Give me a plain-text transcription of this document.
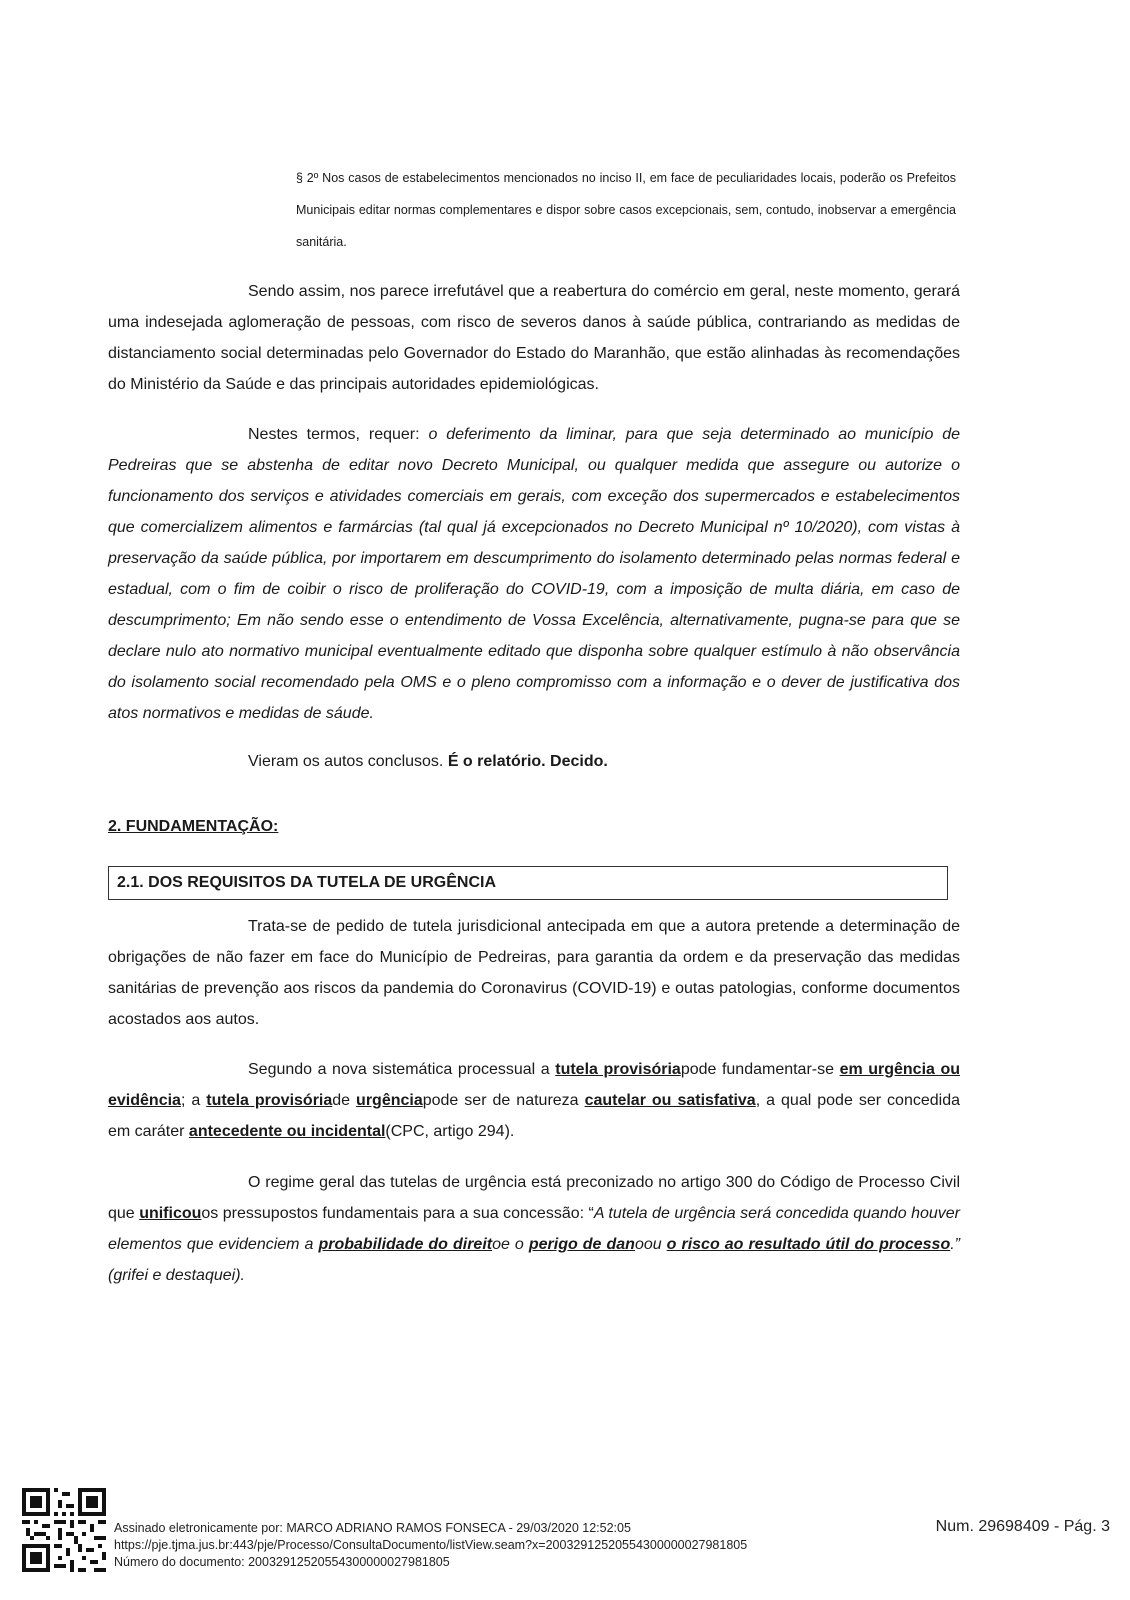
§ 2º Nos casos de estabelecimentos mencionados no inciso II, em face de peculiaridades locais, poderão os Prefeitos Municipais editar normas complementares e dispor sobre casos excepcionais, sem, contudo, inobservar a emergência sanitária.
Sendo assim, nos parece irrefutável que a reabertura do comércio em geral, neste momento, gerará uma indesejada aglomeração de pessoas, com risco de severos danos à saúde pública, contrariando as medidas de distanciamento social determinadas pelo Governador do Estado do Maranhão, que estão alinhadas às recomendações do Ministério da Saúde e das principais autoridades epidemiológicas.
Nestes termos, requer: o deferimento da liminar, para que seja determinado ao município de Pedreiras que se abstenha de editar novo Decreto Municipal, ou qualquer medida que assegure ou autorize o funcionamento dos serviços e atividades comerciais em gerais, com exceção dos supermercados e estabelecimentos que comercializem alimentos e farmárcias (tal qual já excepcionados no Decreto Municipal nº 10/2020), com vistas à preservação da saúde pública, por importarem em descumprimento do isolamento determinado pelas normas federal e estadual, com o fim de coibir o risco de proliferação do COVID-19, com a imposição de multa diária, em caso de descumprimento; Em não sendo esse o entendimento de Vossa Excelência, alternativamente, pugna-se para que se declare nulo ato normativo municipal eventualmente editado que disponha sobre qualquer estímulo à não observância do isolamento social recomendado pela OMS e o pleno compromisso com a informação e o dever de justificativa dos atos normativos e medidas de sáude.
Vieram os autos conclusos. É o relatório. Decido.
2. FUNDAMENTAÇÃO:
2.1. DOS REQUISITOS DA TUTELA DE URGÊNCIA
Trata-se de pedido de tutela jurisdicional antecipada em que a autora pretende a determinação de obrigações de não fazer em face do Município de Pedreiras, para garantia da ordem e da preservação das medidas sanitárias de prevenção aos riscos da pandemia do Coronavirus (COVID-19) e outas patologias, conforme documentos acostados aos autos.
Segundo a nova sistemática processual a tutela provisóriapode fundamentar-se em urgência ou evidência; a tutela provisóriade urgênciapode ser de natureza cautelar ou satisfativa, a qual pode ser concedida em caráter antecedente ou incidental(CPC, artigo 294).
O regime geral das tutelas de urgência está preconizado no artigo 300 do Código de Processo Civil que unificouos pressupostos fundamentais para a sua concessão: “A tutela de urgência será concedida quando houver elementos que evidenciem a probabilidade do direitoe o perigo de danoou o risco ao resultado útil do processo.” (grifei e destaquei).
Assinado eletronicamente por: MARCO ADRIANO RAMOS FONSECA - 29/03/2020 12:52:05
https://pje.tjma.jus.br:443/pje/Processo/ConsultaDocumento/listView.seam?x=20032912520554300000027981805
Número do documento: 20032912520554300000027981805
Num. 29698409 - Pág. 3
